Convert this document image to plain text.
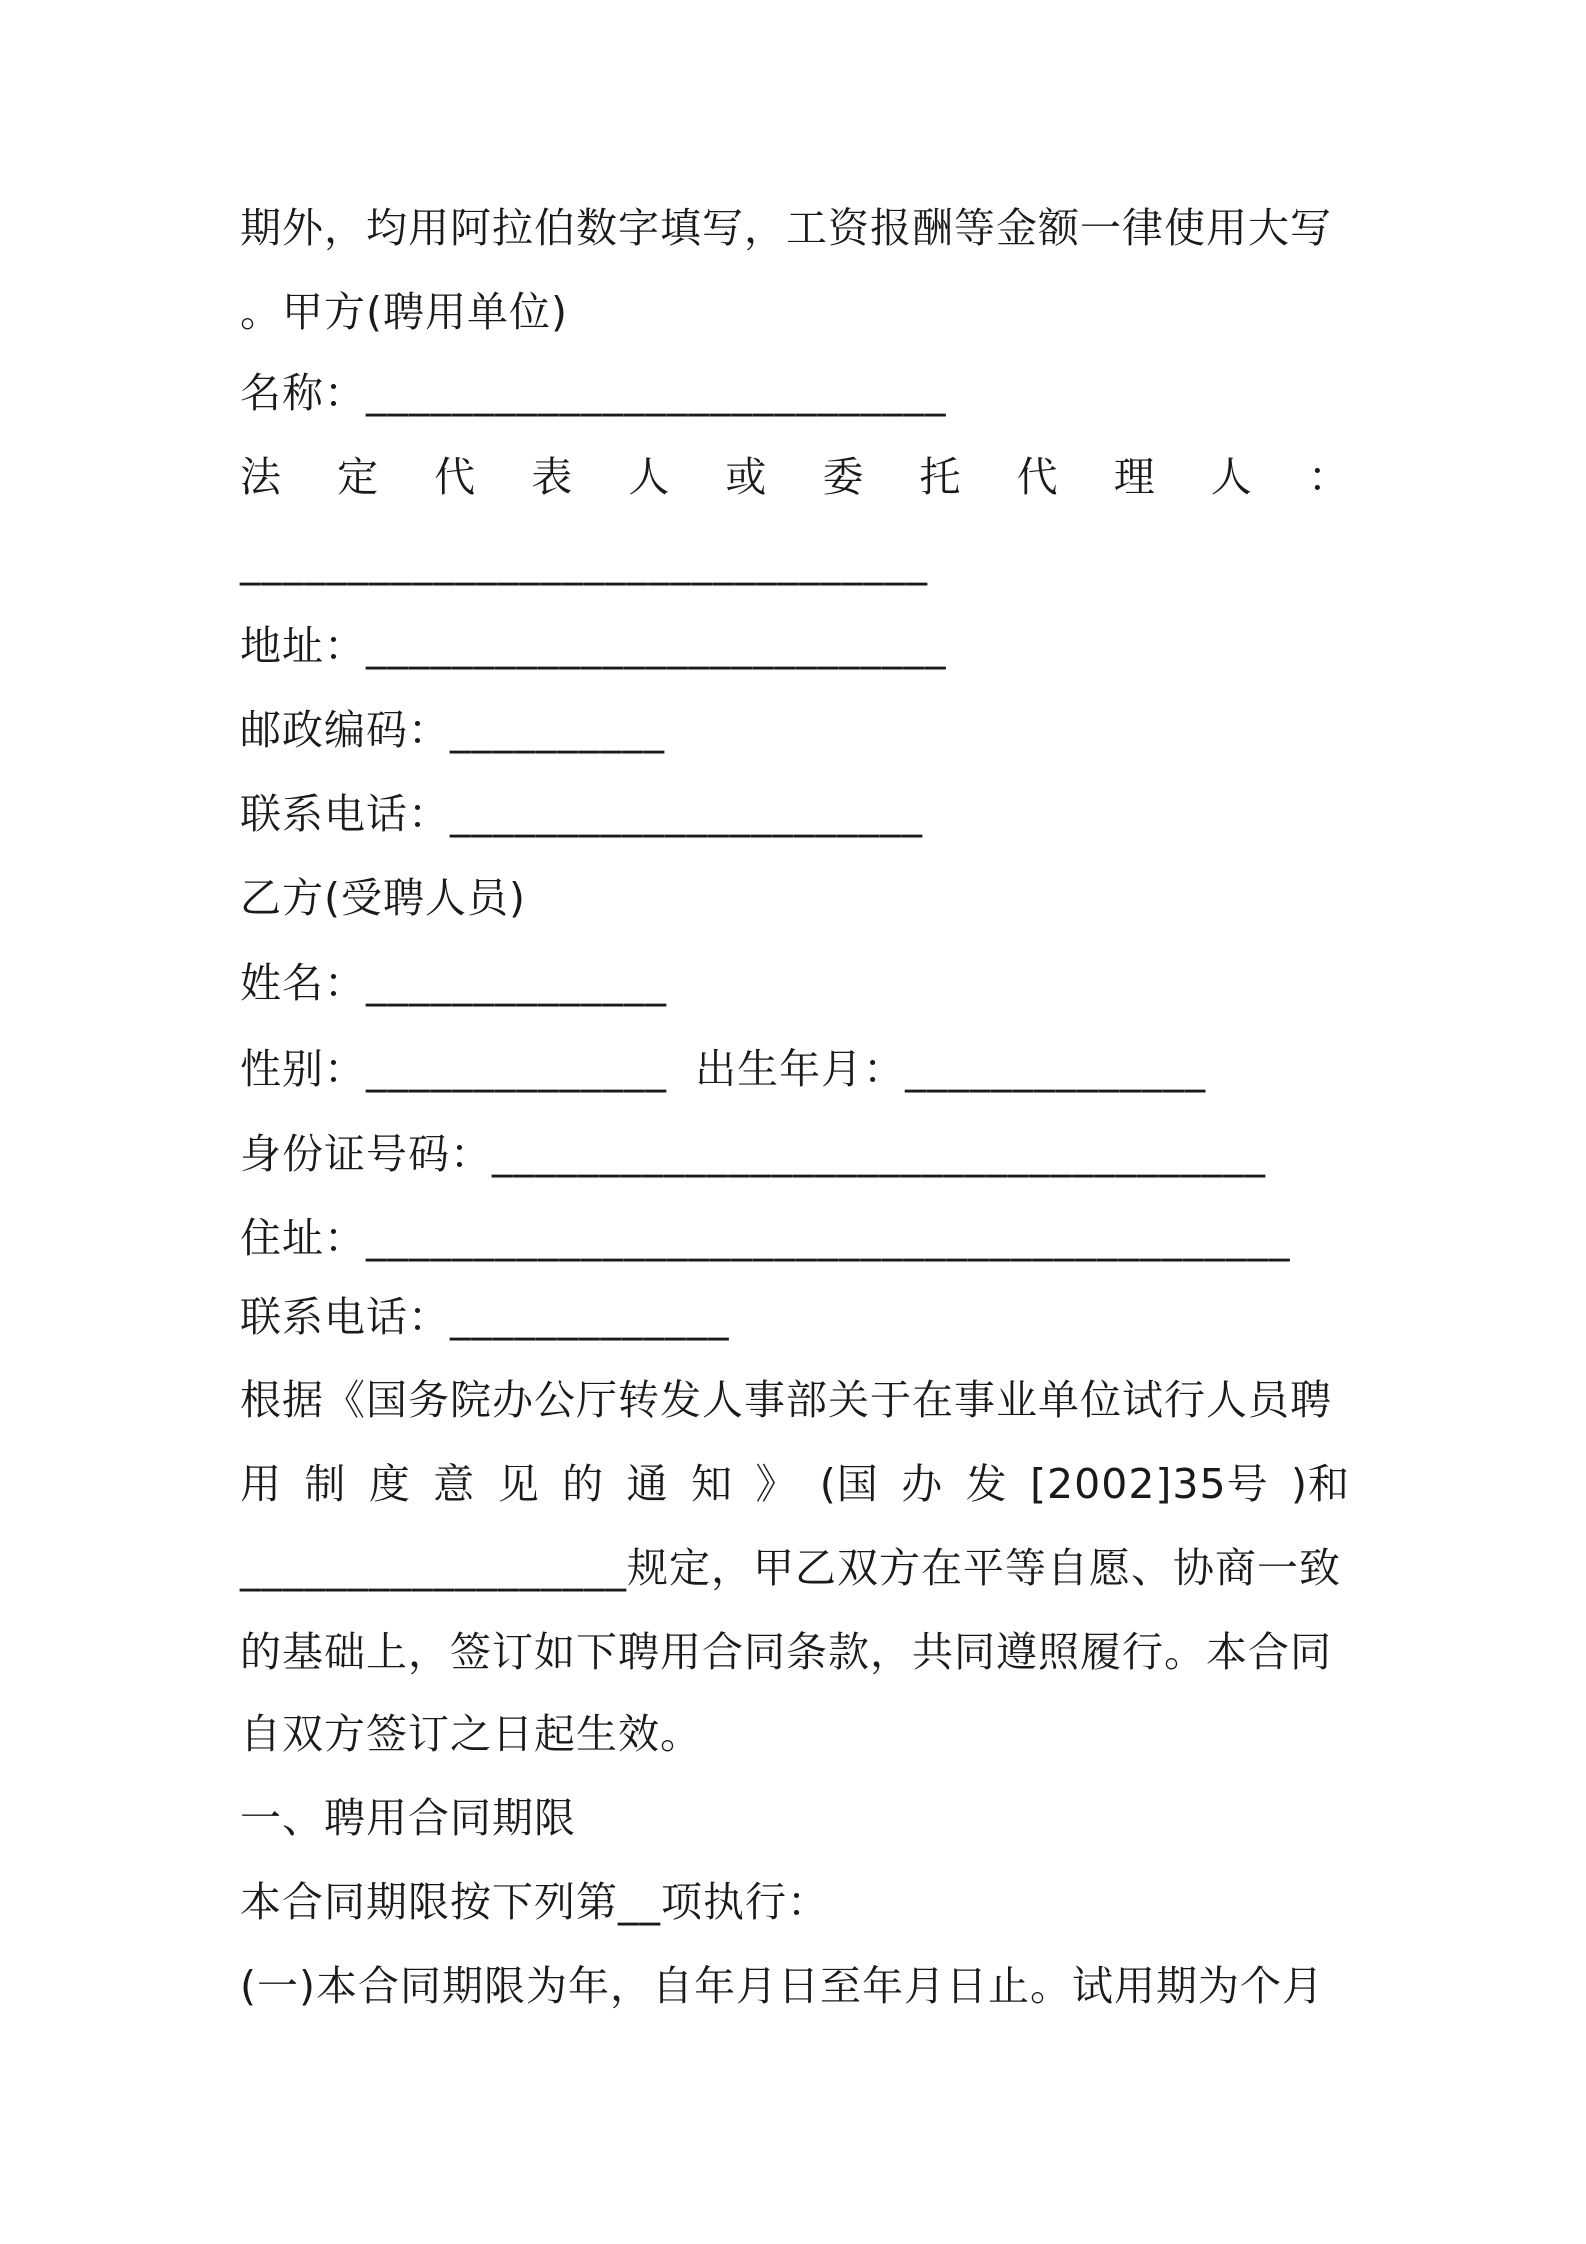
期外，均用阿拉伯数字填写，工资报酬等金额一律使用大写
。甲方(聘用单位)
名称：___________________________
法 定 代 表 人 或 委 托 代 理 人 ：
________________________________
地址：___________________________
邮政编码：__________
联系电话：______________________
乙方(受聘人员)
姓名：______________
性别：______________  出生年月：______________
身份证号码：____________________________________
住址：___________________________________________
联系电话：_____________
根据《国务院办公厅转发人事部关于在事业单位试行人员聘
用 制 度 意 见 的 通 知 》 (国 办 发 [2002]35号 )和
__________________规定，甲乙双方在平等自愿、协商一致
的基础上，签订如下聘用合同条款，共同遵照履行。本合同
自双方签订之日起生效。
一、聘用合同期限
本合同期限按下列第__项执行：
(一)本合同期限为年，自年月日至年月日止。试用期为个月
